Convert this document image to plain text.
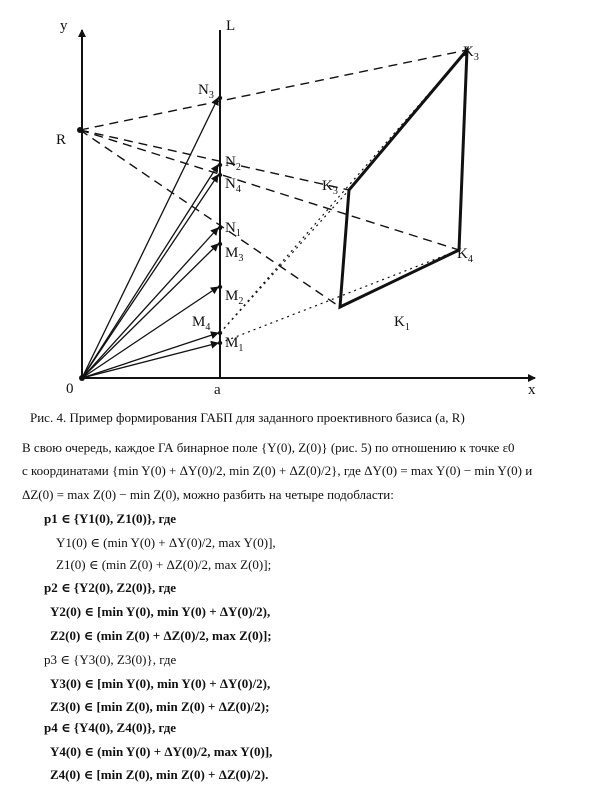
y	L
R
0	a	x
$N_3$
$N_2$
$N_4$
$N_1$
$M_3$
$M_2$
$M_4$
$M_1$
$K_3$
$K_3$
$K_4$
$K_1$
Рис. 4. Пример формирования ГАБП для заданного проективного базиса (a, R)
В свою очередь, каждое ГА бинарное поле {Y(0), Z(0)} (рис. 5) по отношению к точке ε0
с координатами {min Y(0) + ΔY(0)/2, min Z(0) + ΔZ(0)/2}, где ΔY(0) = max Y(0) − min Y(0) и
ΔZ(0) = max Z(0) − min Z(0), можно разбить на четыре подобласти:
p1 ∈ {Y1(0), Z1(0)}, где
Y1(0) ∈ (min Y(0) + ΔY(0)/2, max Y(0)],
Z1(0) ∈ (min Z(0) + ΔZ(0)/2, max Z(0)];
p2 ∈ {Y2(0), Z2(0)}, где
Y2(0) ∈ [min Y(0), min Y(0) + ΔY(0)/2),
Z2(0) ∈ (min Z(0) + ΔZ(0)/2, max Z(0)];
p3 ∈ {Y3(0), Z3(0)}, где
Y3(0) ∈ [min Y(0), min Y(0) + ΔY(0)/2),
Z3(0) ∈ [min Z(0), min Z(0) + ΔZ(0)/2);
p4 ∈ {Y4(0), Z4(0)}, где
Y4(0) ∈ (min Y(0) + ΔY(0)/2, max Y(0)],
Z4(0) ∈ [min Z(0), min Z(0) + ΔZ(0)/2).
